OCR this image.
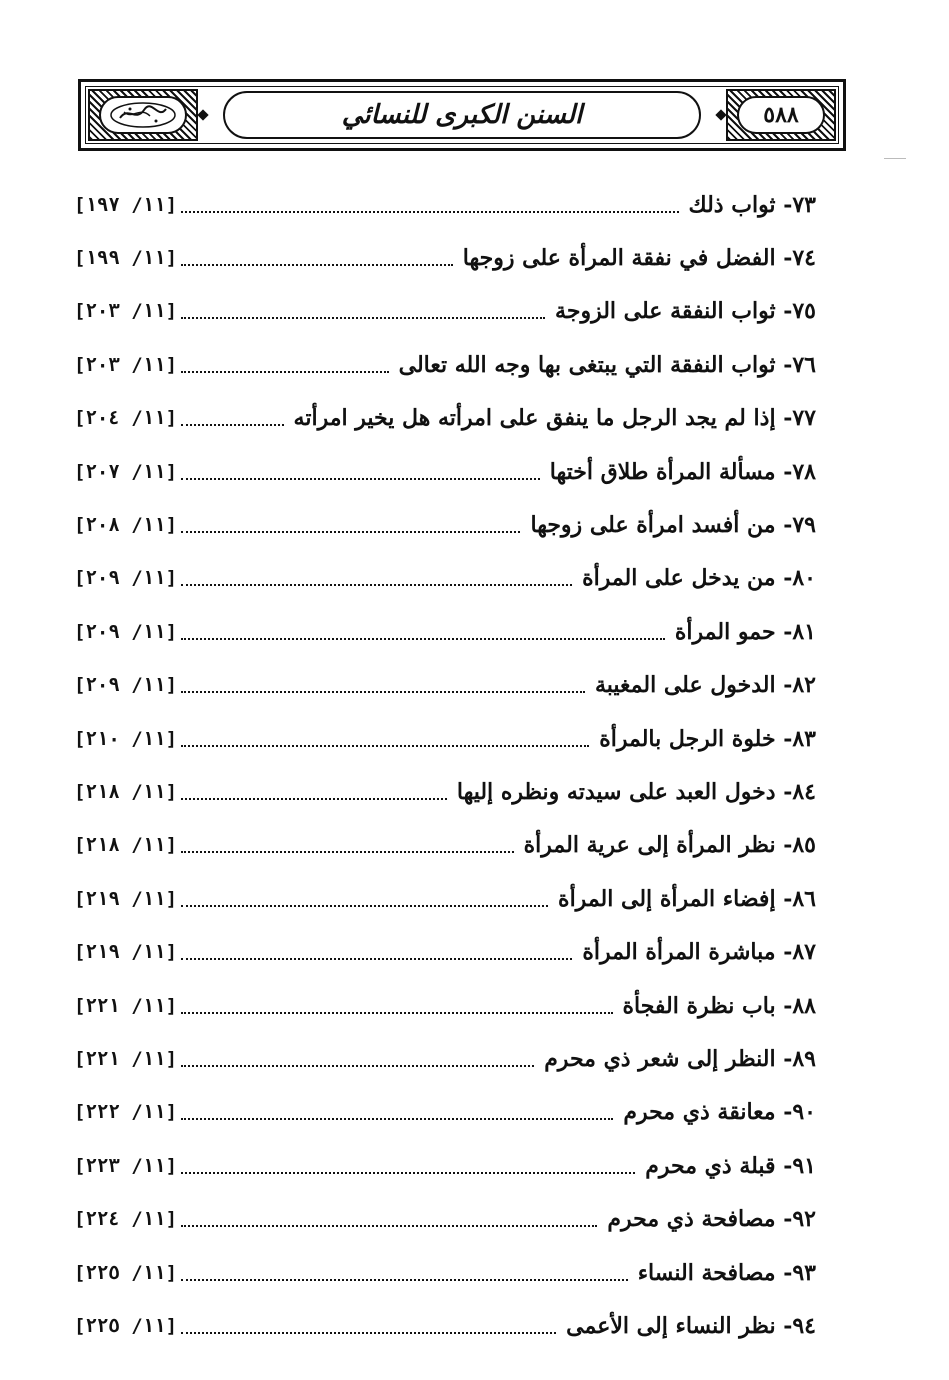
السنن الكبرى للنسائي	٥٨٨
٧٣- ثواب ذلك
[١١/ ١٩٧]
٧٤- الفضل في نفقة المرأة على زوجها
[١١/ ١٩٩]
٧٥- ثواب النفقة على الزوجة
[١١/ ٢٠٣]
٧٦- ثواب النفقة التي يبتغى بها وجه الله تعالى
[١١/ ٢٠٣]
٧٧- إذا لم يجد الرجل ما ينفق على امرأته هل يخير امرأته
[١١/ ٢٠٤]
٧٨- مسألة المرأة طلاق أختها
[١١/ ٢٠٧]
٧٩- من أفسد امرأة على زوجها
[١١/ ٢٠٨]
٨٠- من يدخل على المرأة
[١١/ ٢٠٩]
٨١- حمو المرأة
[١١/ ٢٠٩]
٨٢- الدخول على المغيبة
[١١/ ٢٠٩]
٨٣- خلوة الرجل بالمرأة
[١١/ ٢١٠]
٨٤- دخول العبد على سيدته ونظره إليها
[١١/ ٢١٨]
٨٥- نظر المرأة إلى عرية المرأة
[١١/ ٢١٨]
٨٦- إفضاء المرأة إلى المرأة
[١١/ ٢١٩]
٨٧- مباشرة المرأة المرأة
[١١/ ٢١٩]
٨٨- باب نظرة الفجأة
[١١/ ٢٢١]
٨٩- النظر إلى شعر ذي محرم
[١١/ ٢٢١]
٩٠- معانقة ذي محرم
[١١/ ٢٢٢]
٩١- قبلة ذي محرم
[١١/ ٢٢٣]
٩٢- مصافحة ذي محرم
[١١/ ٢٢٤]
٩٣- مصافحة النساء
[١١/ ٢٢٥]
٩٤- نظر النساء إلى الأعمى
[١١/ ٢٢٥]
